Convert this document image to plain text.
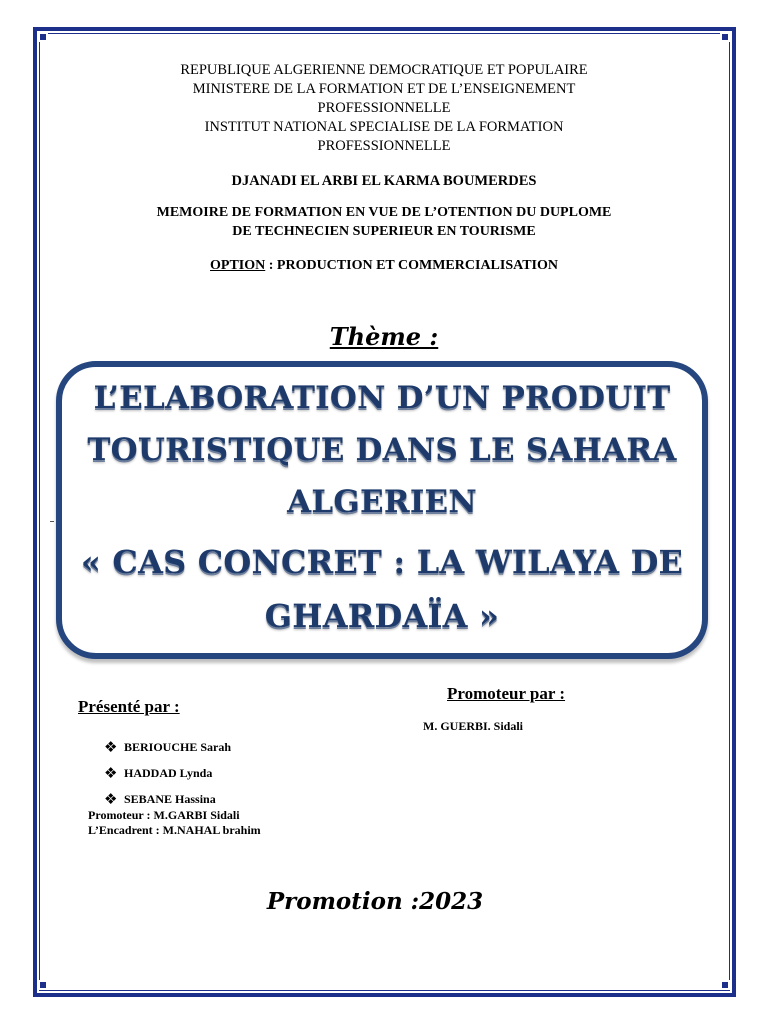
REPUBLIQUE ALGERIENNE DEMOCRATIQUE ET POPULAIRE
MINISTERE DE LA FORMATION ET DE L’ENSEIGNEMENT
PROFESSIONNELLE
INSTITUT NATIONAL SPECIALISE DE LA FORMATION
PROFESSIONNELLE
DJANADI EL ARBI EL KARMA BOUMERDES
MEMOIRE DE FORMATION EN VUE DE L’OTENTION DU DUPLOME
DE TECHNECIEN SUPERIEUR EN TOURISME
OPTION : PRODUCTION ET COMMERCIALISATION
Thème :
L’ELABORATION D’UN PRODUIT
TOURISTIQUE DANS LE SAHARA
ALGERIEN
« CAS CONCRET : LA WILAYA DE
GHARDAÏA »
Présenté par :
❖ BERIOUCHE Sarah
❖ HADDAD Lynda
❖ SEBANE Hassina
Promoteur : M.GARBI Sidali
L’Encadrent : M.NAHAL brahim
Promoteur par :
M. GUERBI. Sidali
Promotion :2023
